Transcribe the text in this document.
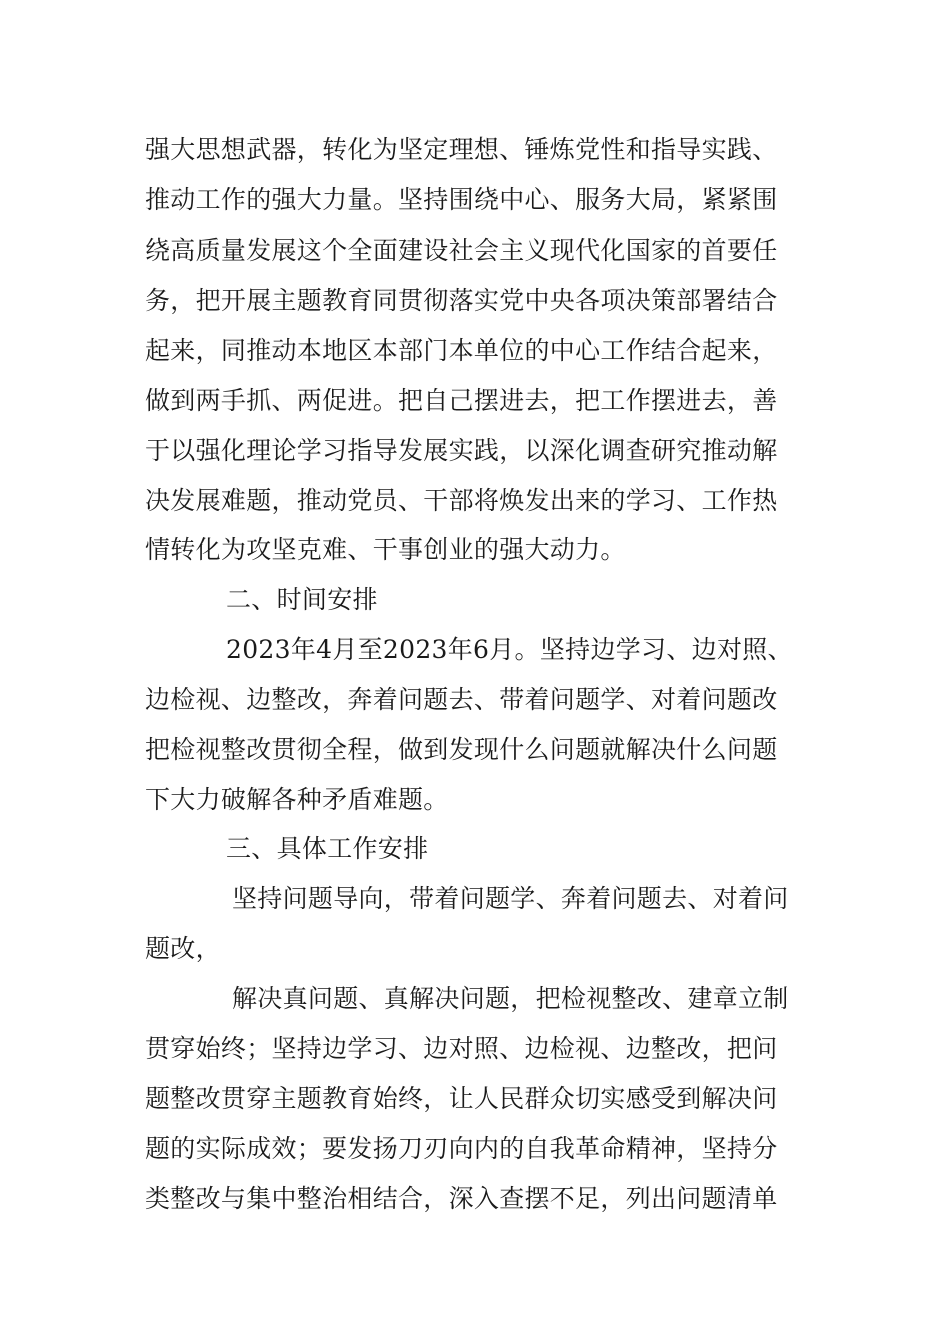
强大思想武器，转化为坚定理想、锤炼党性和指导实践、

推动工作的强大力量。坚持围绕中心、服务大局，紧紧围

绕高质量发展这个全面建设社会主义现代化国家的首要任

务，把开展主题教育同贯彻落实党中央各项决策部署结合

起来，同推动本地区本部门本单位的中心工作结合起来，

做到两手抓、两促进。把自己摆进去，把工作摆进去，善

于以强化理论学习指导发展实践，以深化调查研究推动解

决发展难题，推动党员、干部将焕发出来的学习、工作热

情转化为攻坚克难、干事创业的强大动力。

二、时间安排

2023年4月至2023年6月。坚持边学习、边对照、

边检视、边整改，奔着问题去、带着问题学、对着问题改

把检视整改贯彻全程，做到发现什么问题就解决什么问题

下大力破解各种矛盾难题。

三、具体工作安排

坚持问题导向，带着问题学、奔着问题去、对着问

题改，

解决真问题、真解决问题，把检视整改、建章立制

贯穿始终；坚持边学习、边对照、边检视、边整改，把问

题整改贯穿主题教育始终，让人民群众切实感受到解决问

题的实际成效；要发扬刀刃向内的自我革命精神，坚持分

类整改与集中整治相结合，深入查摆不足，列出问题清单
